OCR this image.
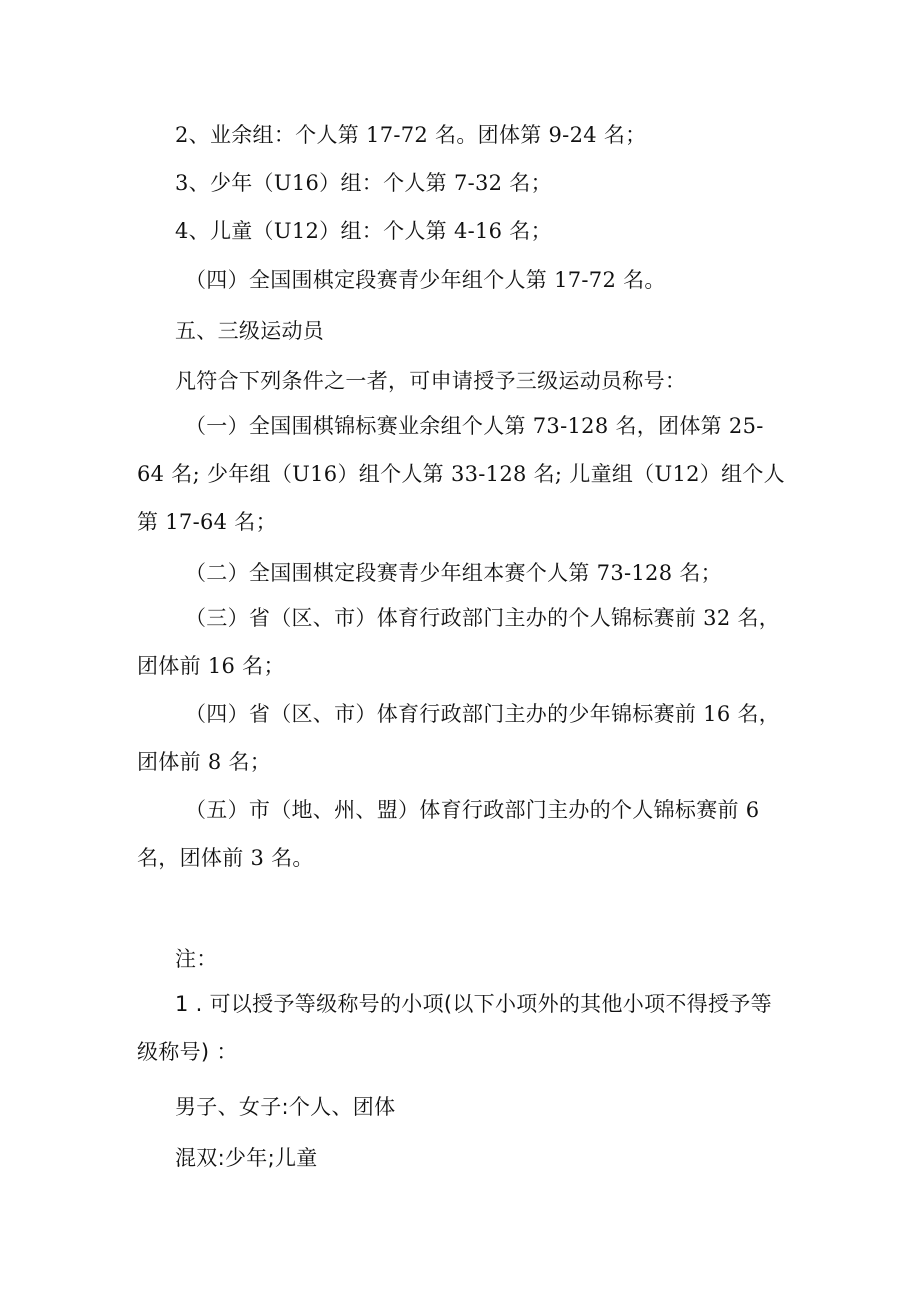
2、业余组：个人第 17-72 名。团体第 9-24 名；
3、少年（U16）组：个人第 7-32 名；
4、儿童（U12）组：个人第 4-16 名；
（四）全国围棋定段赛青少年组个人第 17-72 名。
五、三级运动员
凡符合下列条件之一者，可申请授予三级运动员称号：
（一）全国围棋锦标赛业余组个人第 73-128 名，团体第 25-64 名; 少年组（U16）组个人第 33-128 名; 儿童组（U12）组个人第 17-64 名；
（二）全国围棋定段赛青少年组本赛个人第 73-128 名；
（三）省（区、市）体育行政部门主办的个人锦标赛前 32 名，团体前 16 名；
（四）省（区、市）体育行政部门主办的少年锦标赛前 16 名，团体前 8 名；
（五）市（地、州、盟）体育行政部门主办的个人锦标赛前 6 名，团体前 3 名。
注：
1 . 可以授予等级称号的小项(以下小项外的其他小项不得授予等级称号) ：
男子、女子:个人、团体
混双:少年;儿童
